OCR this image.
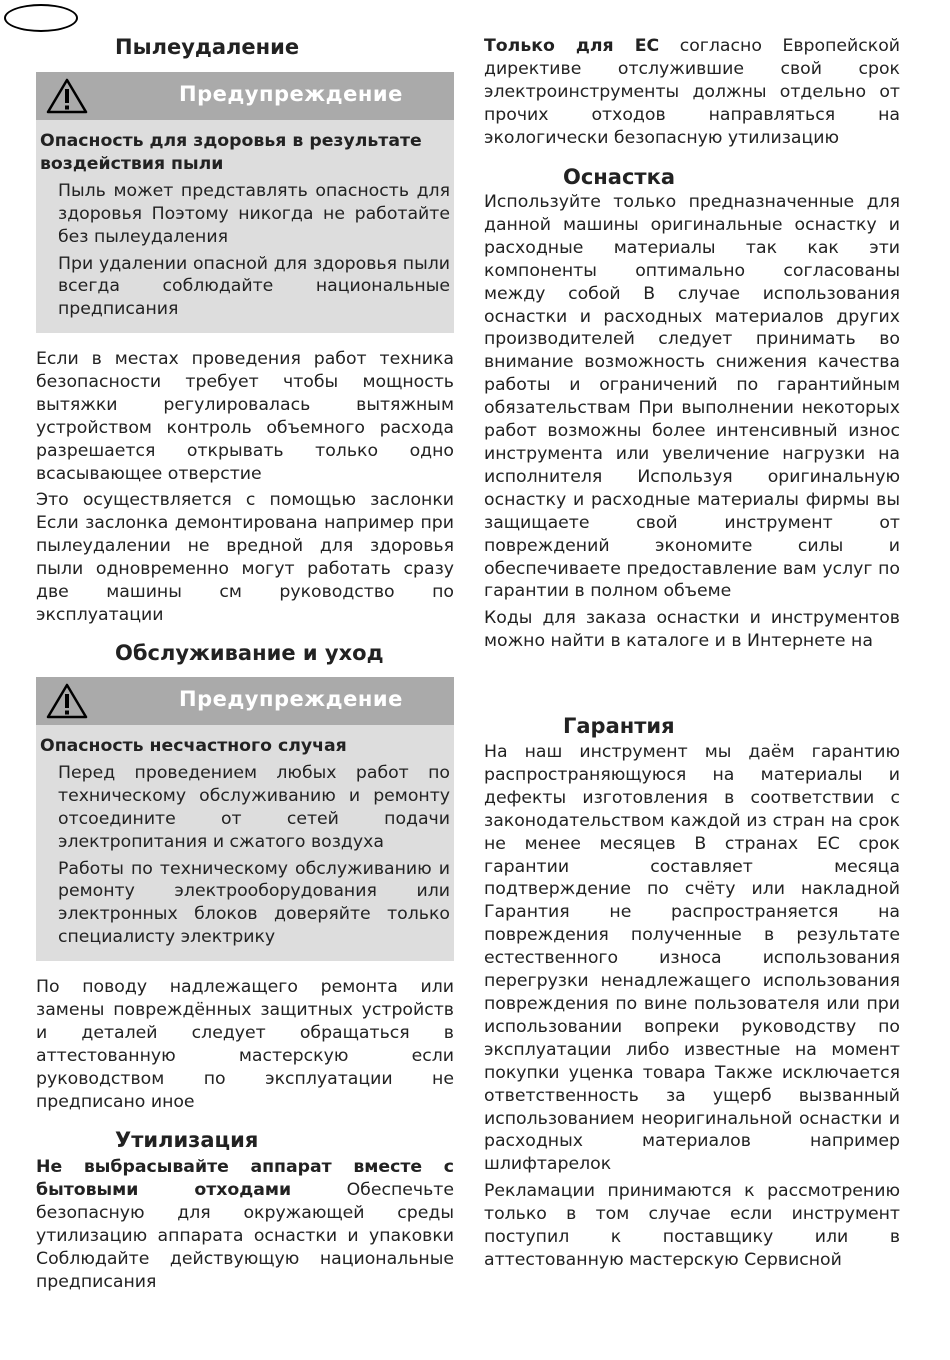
Пылеудаление
Предупреждение

Опасность для здоровья в результате воздействия пыли

Пыль может представлять опасность для здоровья Поэтому никогда не работайте без пылеудаления

При удалении опасной для здоровья пыли всегда соблюдайте национальные предписания

Если в местах проведения работ техника безопасности требует чтобы мощность вытяжки регулировалась вытяжным устройством контроль объемного расхода разрешается открывать только одно всасывающее отверстие

Это осуществляется с помощью заслонки Если заслонка демонтирована например при пылеудалении не вредной для здоровья пыли одновременно могут работать сразу две машины см руководство по эксплуатации

Обслуживание и уход
Предупреждение

Опасность несчастного случая

Перед проведением любых работ по техническому обслуживанию и ремонту отсоедините от сетей подачи электропитания и сжатого воздуха

Работы по техническому обслуживанию и ремонту электрооборудования или электронных блоков доверяйте только специалисту электрику

По поводу надлежащего ремонта или замены повреждённых защитных устройств и деталей следует обращаться в аттестованную мастерскую если руководством по эксплуатации не предписано иное

Утилизация

Не выбрасывайте аппарат вместе с бытовыми отходами Обеспечьте безопасную для окружающей среды утилизацию аппарата оснастки и упаковки Соблюдайте действующую национальные предписания

Только для ЕС согласно Европейской директиве отслужившие свой срок электроинструменты должны отдельно от прочих отходов направляться на экологически безопасную утилизацию

Оснастка

Используйте только предназначенные для данной машины оригинальные оснастку и расходные материалы так как эти компоненты оптимально согласованы между собой В случае использования оснастки и расходных материалов других производителей следует принимать во внимание возможность снижения качества работы и ограничений по гарантийным обязательствам При выполнении некоторых работ возможны более интенсивный износ инструмента или увеличение нагрузки на исполнителя Используя оригинальную оснастку и расходные материалы фирмы вы защищаете свой инструмент от повреждений экономите силы и обеспечиваете предоставление вам услуг по гарантии в полном объеме

Коды для заказа оснастки и инструментов можно найти в каталоге и в Интернете на

Гарантия

На наш инструмент мы даём гарантию распространяющуюся на материалы и дефекты изготовления в соответствии с законодательством каждой из стран на срок не менее месяцев В странах ЕС срок гарантии составляет месяца подтверждение по счёту или накладной Гарантия не распространяется на повреждения полученные в результате естественного износа использования перегрузки ненадлежащего использования повреждения по вине пользователя или при использовании вопреки руководству по эксплуатации либо известные на момент покупки уценка товара Также исключается ответственность за ущерб вызванный использованием неоригинальной оснастки и расходных материалов например шлифтарелок

Рекламации принимаются к рассмотрению только в том случае если инструмент поступил к поставщику или в аттестованную мастерскую Сервисной
